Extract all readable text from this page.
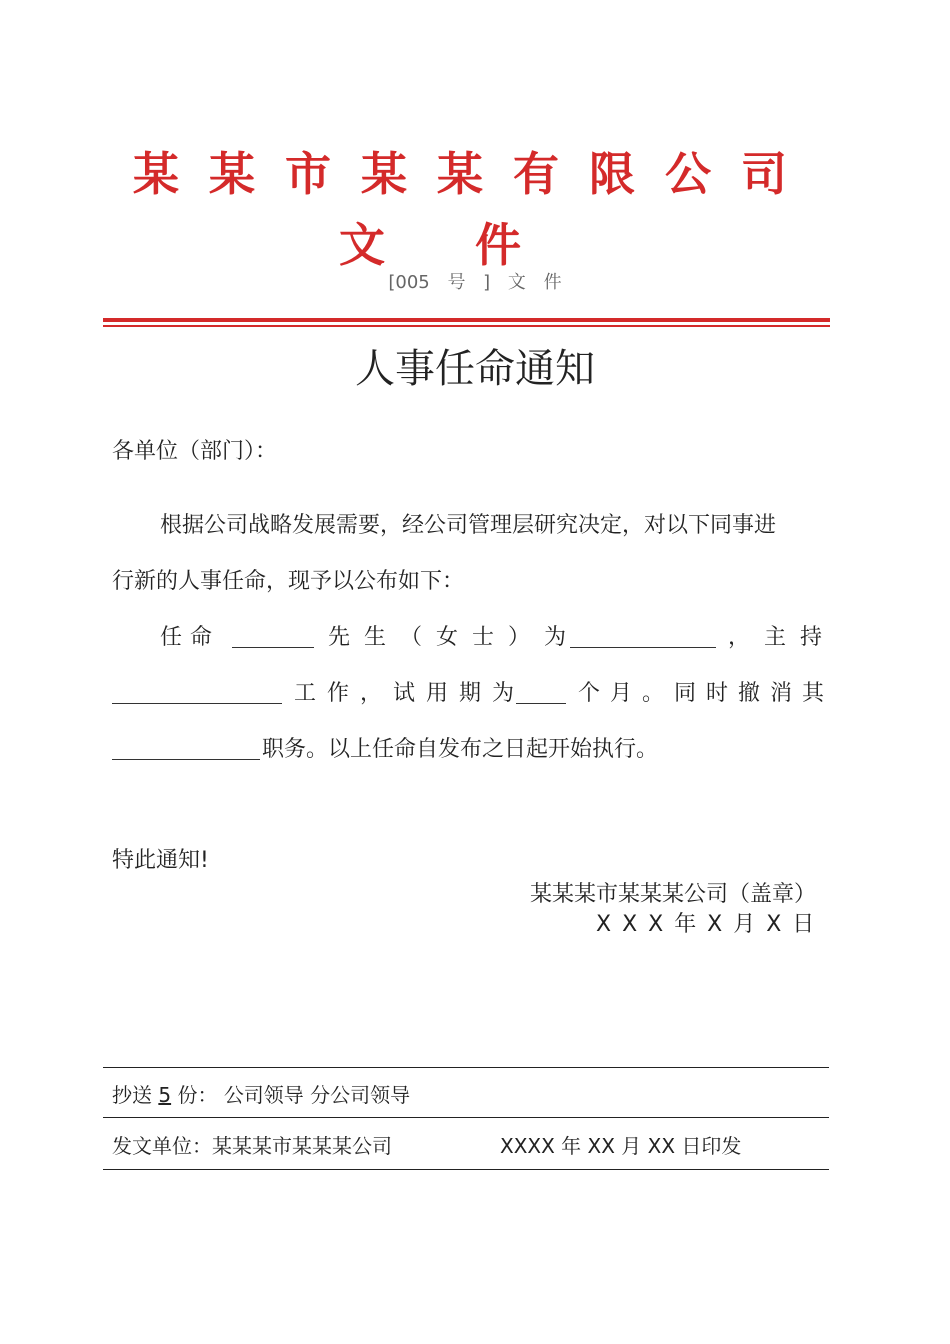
某某市某某有限公司
文件
[005 号 ] 文 件
人事任命通知
各单位（部门）：
根据公司战略发展需要，经公司管理层研究决定，对以下同事进
行新的人事任命，现予以公布如下：
任命	先生（女士）为	，主持
工作，试用期为 个月。同时撤消其
职务。以上任命自发布之日起开始执行。
特此通知!
某某某市某某某公司（盖章）
X X X 年 X 月 X 日
抄送 5 份： 公司领导 分公司领导
发文单位：某某某市某某某公司	XXXX 年 XX 月 XX 日印发
